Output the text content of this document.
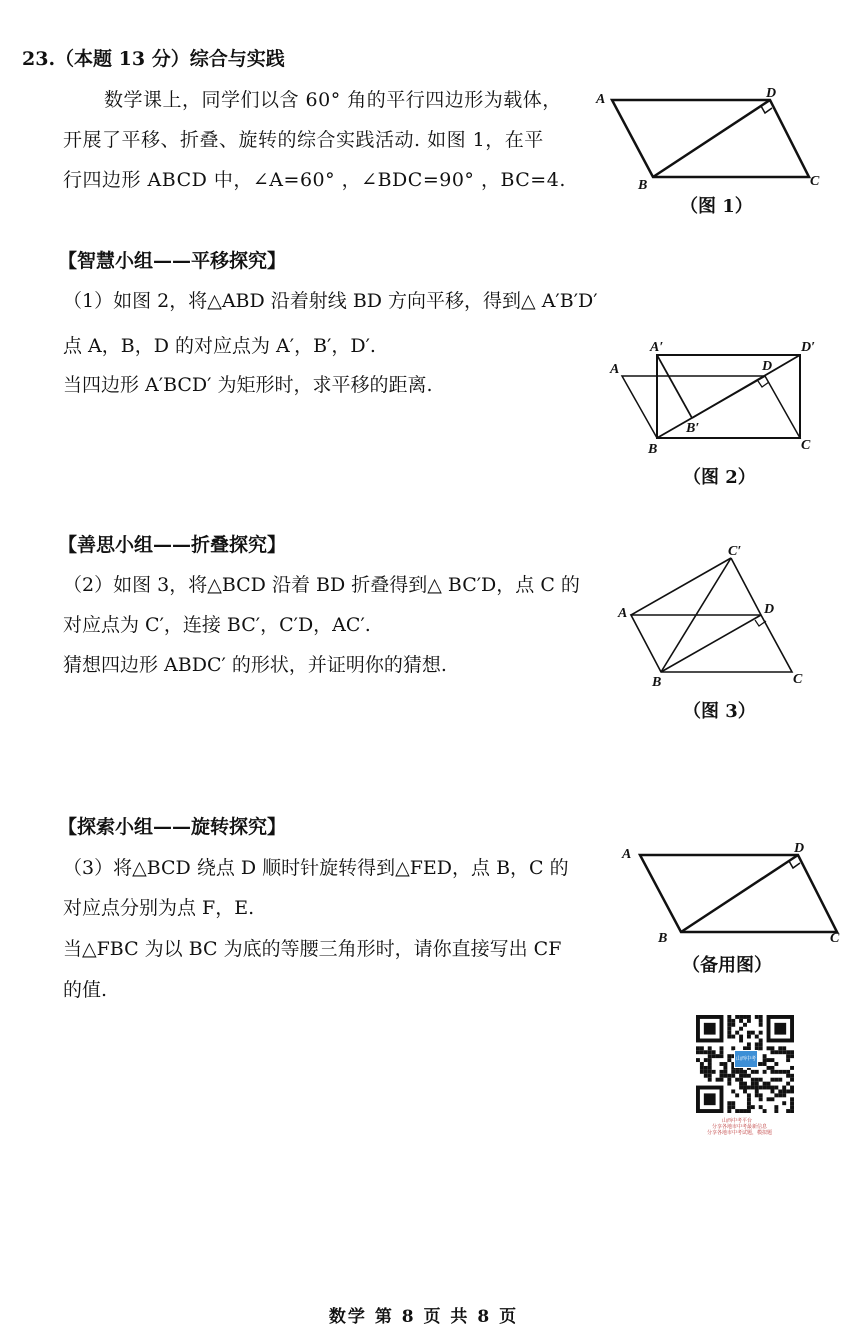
23.（本题 13 分）综合与实践
数学课上，同学们以含 60° 角的平行四边形为载体，
开展了平移、折叠、旋转的综合实践活动. 如图 1，在平
行四边形 ABCD 中，∠A=60° ，∠BDC=90° ，BC=4.
A	D
B	C
（图 1）
【智慧小组——平移探究】
（1）如图 2，将△ABD 沿着射线 BD 方向平移，得到△ A′B′D′
点 A，B，D 的对应点为 A′，B′，D′.
当四边形 A′BCD′ 为矩形时，求平移的距离.
A
A′	D′
D
B′
B	C
（图 2）
【善思小组——折叠探究】
（2）如图 3，将△BCD 沿着 BD 折叠得到△ BC′D，点 C 的
对应点为 C′，连接 BC′，C′D，AC′.
猜想四边形 ABDC′ 的形状，并证明你的猜想.
C′
A	D
B	C
（图 3）
【探索小组——旋转探究】
（3）将△BCD 绕点 D 顺时针旋转得到△FED，点 B，C 的
对应点分别为点 F，E.
当△FBC 为以 BC 为底的等腰三角形时，请你直接写出 CF
的值.
A	D
B	C
（备用图）
山西中考
山西中考平台
分享各地市中考最新信息
分享各地市中考试题，模拟题
数学 第 8 页 共 8 页
